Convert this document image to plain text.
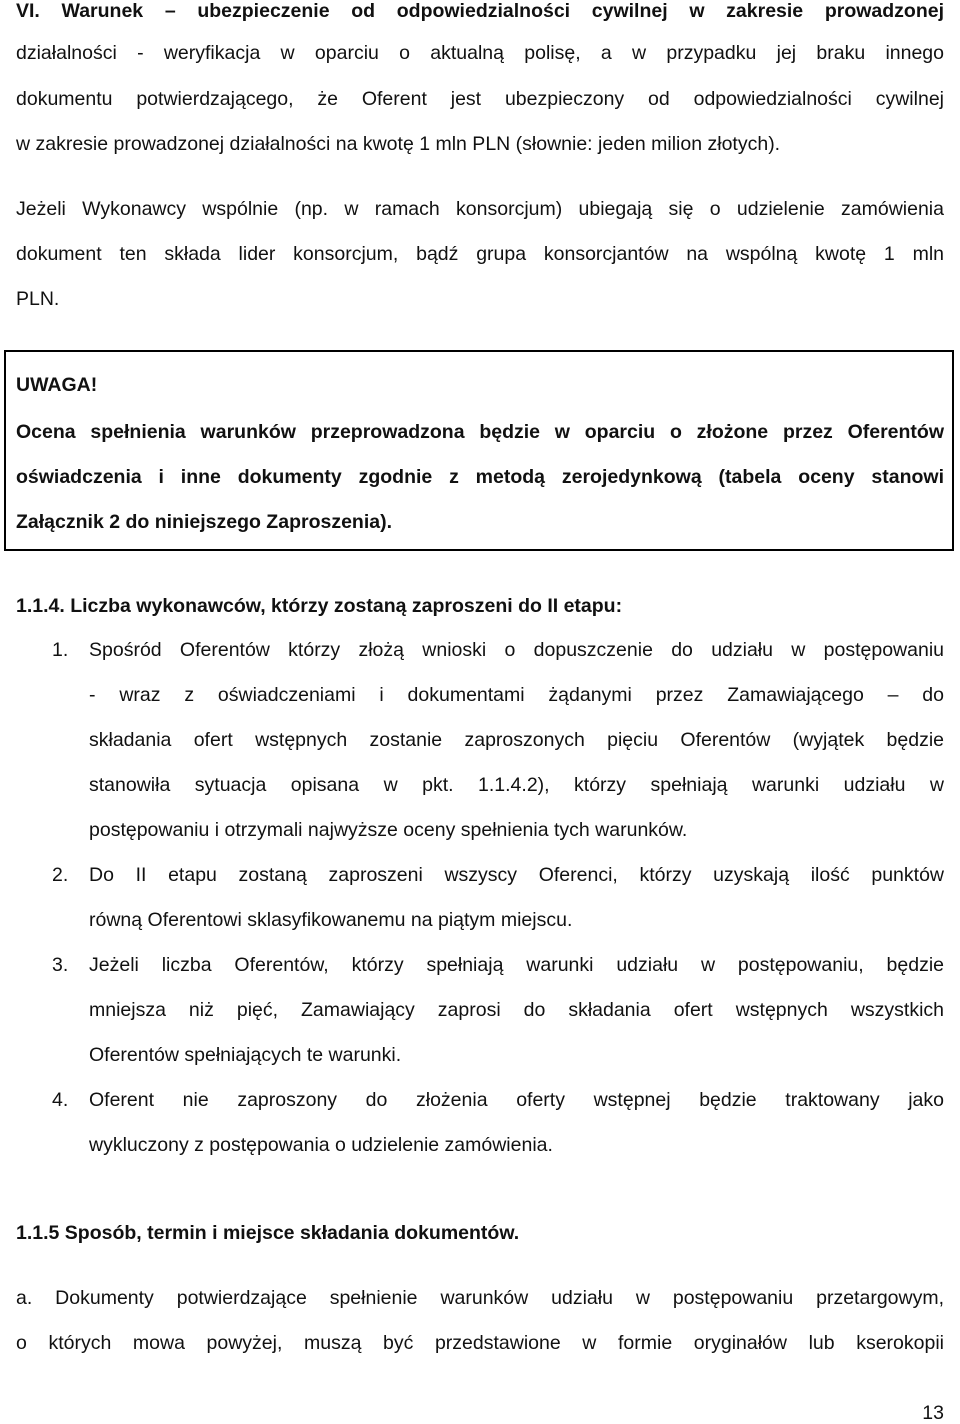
VI. Warunek – ubezpieczenie od odpowiedzialności cywilnej w zakresie prowadzonej
działalności - weryfikacja w oparciu o aktualną polisę, a w przypadku jej braku innego
dokumentu potwierdzającego, że Oferent jest ubezpieczony od odpowiedzialności cywilnej
w zakresie prowadzonej działalności na kwotę 1 mln PLN (słownie: jeden milion złotych).
Jeżeli Wykonawcy wspólnie (np. w ramach konsorcjum) ubiegają się o udzielenie zamówienia
dokument ten składa lider konsorcjum, bądź grupa konsorcjantów na wspólną kwotę 1 mln
PLN.
UWAGA!
Ocena spełnienia warunków przeprowadzona będzie w oparciu o złożone przez Oferentów
oświadczenia i inne dokumenty zgodnie z metodą zerojedynkową (tabela oceny stanowi
Załącznik 2 do niniejszego Zaproszenia).
1.1.4. Liczba wykonawców, którzy zostaną zaproszeni do II etapu:
1. Spośród Oferentów którzy złożą wnioski o dopuszczenie do udziału w postępowaniu
- wraz z oświadczeniami i dokumentami żądanymi przez Zamawiającego – do
składania ofert wstępnych zostanie zaproszonych pięciu Oferentów (wyjątek będzie
stanowiła sytuacja opisana w pkt. 1.1.4.2), którzy spełniają warunki udziału w
postępowaniu i otrzymali najwyższe oceny spełnienia tych warunków.
2. Do II etapu zostaną zaproszeni wszyscy Oferenci, którzy uzyskają ilość punktów
równą Oferentowi sklasyfikowanemu na piątym miejscu.
3. Jeżeli liczba Oferentów, którzy spełniają warunki udziału w postępowaniu, będzie
mniejsza niż pięć, Zamawiający zaprosi do składania ofert wstępnych wszystkich
Oferentów spełniających te warunki.
4. Oferent nie zaproszony do złożenia oferty wstępnej będzie traktowany jako
wykluczony z postępowania o udzielenie zamówienia.
1.1.5 Sposób, termin i miejsce składania dokumentów.
a. Dokumenty potwierdzające spełnienie warunków udziału w postępowaniu przetargowym,
o których mowa powyżej, muszą być przedstawione w formie oryginałów lub kserokopii
13
